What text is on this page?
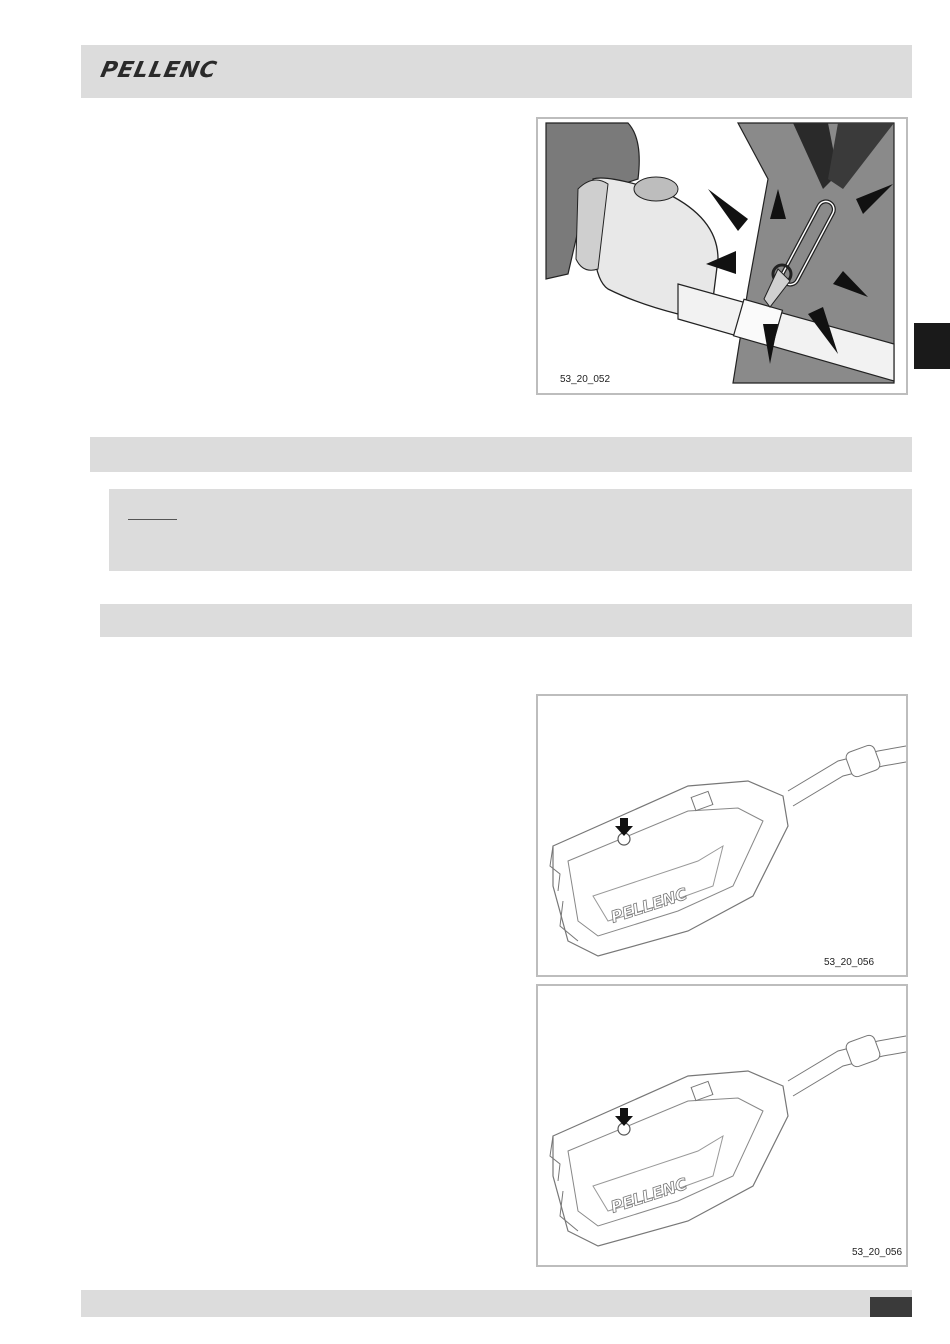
PELLENC
53_20_052
PELLENC
53_20_056
PELLENC
53_20_056
